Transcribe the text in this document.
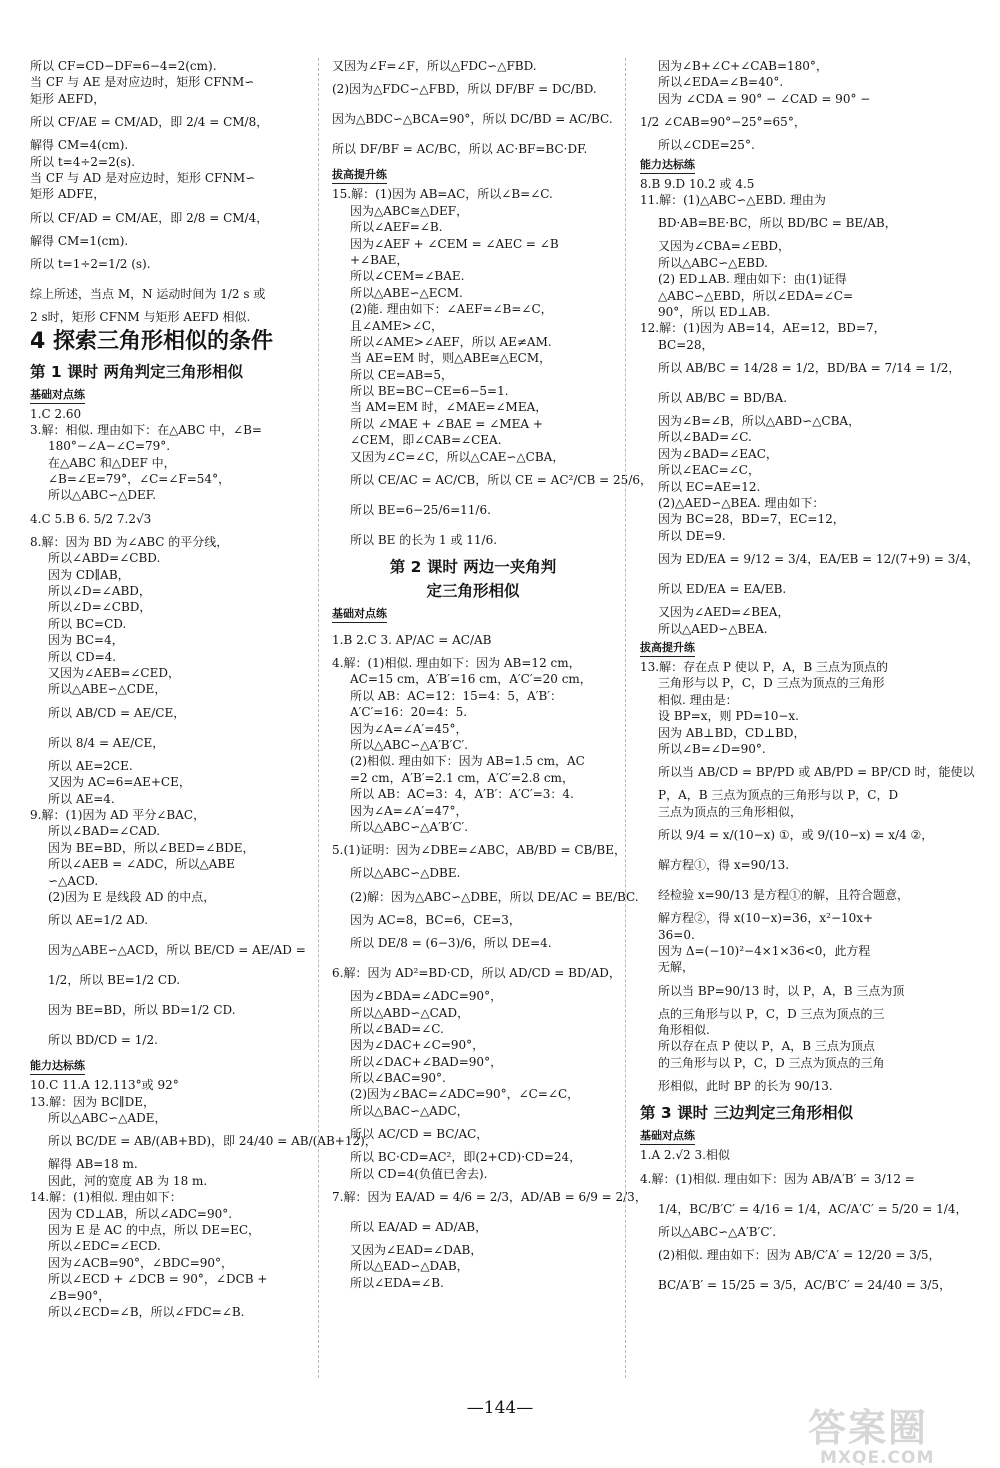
所以 CF=CD−DF=6−4=2(cm).
当 CF 与 AE 是对应边时，矩形 CFNM∽
矩形 AEFD，
所以 CF/AE = CM/AD，即 2/4 = CM/8，
解得 CM=4(cm).
所以 t=4÷2=2(s).
当 CF 与 AD 是对应边时，矩形 CFNM∽
矩形 ADFE，
所以 CF/AD = CM/AE，即 2/8 = CM/4，
解得 CM=1(cm).
所以 t=1÷2=1/2 (s).
综上所述，当点 M，N 运动时间为 1/2 s 或
2 s时，矩形 CFNM 与矩形 AEFD 相似.
4 探索三角形相似的条件
第 1 课时 两角判定三角形相似
基础对点练

1.C 2.60
3.解：相似. 理由如下：在△ABC 中，∠B=
180°−∠A−∠C=79°.
在△ABC 和△DEF 中，
∠B=∠E=79°，∠C=∠F=54°，
所以△ABC∽△DEF.
4.C 5.B 6. 5/2 7.2√3
8.解：因为 BD 为∠ABC 的平分线，
所以∠ABD=∠CBD.
因为 CD∥AB，
所以∠D=∠ABD，
所以∠D=∠CBD，
所以 BC=CD.
因为 BC=4，
所以 CD=4.
又因为∠AEB=∠CED，
所以△ABE∽△CDE，
所以 AB/CD = AE/CE，
所以 8/4 = AE/CE，
所以 AE=2CE.
又因为 AC=6=AE+CE，
所以 AE=4.
9.解：(1)因为 AD 平分∠BAC，
所以∠BAD=∠CAD.
因为 BE=BD，所以∠BED=∠BDE，
所以∠AEB = ∠ADC，所以△ABE
∽△ACD.
(2)因为 E 是线段 AD 的中点，
所以 AE=1/2 AD.
因为△ABE∽△ACD，所以 BE/CD = AE/AD =
1/2，所以 BE=1/2 CD.
因为 BE=BD，所以 BD=1/2 CD.
所以 BD/CD = 1/2.
能力达标练

10.C 11.A 12.113°或 92°
13.解：因为 BC∥DE，
所以△ABC∽△ADE，
所以 BC/DE = AB/(AB+BD)，即 24/40 = AB/(AB+12)，
解得 AB=18 m.
因此，河的宽度 AB 为 18 m.
14.解：(1)相似. 理由如下：
因为 CD⊥AB，所以∠ADC=90°.
因为 E 是 AC 的中点，所以 DE=EC，
所以∠EDC=∠ECD.
因为∠ACB=90°，∠BDC=90°，
所以∠ECD + ∠DCB = 90°，∠DCB +
∠B=90°，
所以∠ECD=∠B，所以∠FDC=∠B.
又因为∠F=∠F，所以△FDC∽△FBD.
(2)因为△FDC∽△FBD，所以 DF/BF = DC/BD.
因为△BDC∽△BCA=90°，所以 DC/BD = AC/BC.
所以 DF/BF = AC/BC，所以 AC·BF=BC·DF.
拔高提升练

15.解：(1)因为 AB=AC，所以∠B=∠C.
因为△ABC≅△DEF，
所以∠AEF=∠B.
因为∠AEF + ∠CEM = ∠AEC = ∠B
+∠BAE，
所以∠CEM=∠BAE.
所以△ABE∽△ECM.
(2)能. 理由如下：∠AEF=∠B=∠C，
且∠AME>∠C，
所以∠AME>∠AEF，所以 AE≠AM.
当 AE=EM 时，则△ABE≅△ECM，
所以 CE=AB=5，
所以 BE=BC−CE=6−5=1.
当 AM=EM 时，∠MAE=∠MEA，
所以 ∠MAE + ∠BAE = ∠MEA +
∠CEM，即∠CAB=∠CEA.
又因为∠C=∠C，所以△CAE∽△CBA，
所以 CE/AC = AC/CB，所以 CE = AC²/CB = 25/6，
所以 BE=6−25/6=11/6.
所以 BE 的长为 1 或 11/6.
第 2 课时 两边一夹角判
定三角形相似
基础对点练

1.B 2.C 3. AP/AC = AC/AB
4.解：(1)相似. 理由如下：因为 AB=12 cm，
AC=15 cm，A′B′=16 cm，A′C′=20 cm，
所以 AB：AC=12：15=4：5，A′B′：
A′C′=16：20=4：5.
因为∠A=∠A′=45°，
所以△ABC∽△A′B′C′.
(2)相似. 理由如下：因为 AB=1.5 cm，AC
=2 cm，A′B′=2.1 cm，A′C′=2.8 cm，
所以 AB：AC=3：4，A′B′：A′C′=3：4.
因为∠A=∠A′=47°，
所以△ABC∽△A′B′C′.
5.(1)证明：因为∠DBE=∠ABC，AB/BD = CB/BE，
所以△ABC∽△DBE.
(2)解：因为△ABC∽△DBE，所以 DE/AC = BE/BC.
因为 AC=8，BC=6，CE=3，
所以 DE/8 = (6−3)/6，所以 DE=4.
6.解：因为 AD²=BD·CD，所以 AD/CD = BD/AD，
因为∠BDA=∠ADC=90°，
所以△ABD∽△CAD，
所以∠BAD=∠C.
因为∠DAC+∠C=90°，
所以∠DAC+∠BAD=90°，
所以∠BAC=90°.
(2)因为∠BAC=∠ADC=90°，∠C=∠C，
所以△BAC∽△ADC，
所以 AC/CD = BC/AC，
所以 BC·CD=AC²，即(2+CD)·CD=24，
所以 CD=4(负值已舍去).
7.解：因为 EA/AD = 4/6 = 2/3，AD/AB = 6/9 = 2/3，
所以 EA/AD = AD/AB，
又因为∠EAD=∠DAB，
所以△EAD∽△DAB，
所以∠EDA=∠B.
因为∠B+∠C+∠CAB=180°，
所以∠EDA=∠B=40°.
因为 ∠CDA = 90° − ∠CAD = 90° −
1/2 ∠CAB=90°−25°=65°，
所以∠CDE=25°.
能力达标练

8.B 9.D 10.2 或 4.5
11.解：(1)△ABC∽△EBD. 理由为
BD·AB=BE·BC，所以 BD/BC = BE/AB，
又因为∠CBA=∠EBD，
所以△ABC∽△EBD.
(2) ED⊥AB. 理由如下：由(1)证得
△ABC∽△EBD，所以∠EDA=∠C=
90°，所以 ED⊥AB.
12.解：(1)因为 AB=14，AE=12，BD=7，
BC=28，
所以 AB/BC = 14/28 = 1/2，BD/BA = 7/14 = 1/2，
所以 AB/BC = BD/BA.
因为∠B=∠B，所以△ABD∽△CBA，
所以∠BAD=∠C.
因为∠BAD=∠EAC，
所以∠EAC=∠C，
所以 EC=AE=12.
(2)△AED∽△BEA. 理由如下：
因为 BC=28，BD=7，EC=12，
所以 DE=9.
因为 ED/EA = 9/12 = 3/4，EA/EB = 12/(7+9) = 3/4，
所以 ED/EA = EA/EB.
又因为∠AED=∠BEA，
所以△AED∽△BEA.
拔高提升练

13.解：存在点 P 使以 P，A，B 三点为顶点的
三角形与以 P，C，D 三点为顶点的三角形
相似. 理由是：
设 BP=x，则 PD=10−x.
因为 AB⊥BD，CD⊥BD，
所以∠B=∠D=90°.
所以当 AB/CD = BP/PD 或 AB/PD = BP/CD 时，能使以
P，A，B 三点为顶点的三角形与以 P，C，D
三点为顶点的三角形相似，
所以 9/4 = x/(10−x) ①，或 9/(10−x) = x/4 ②，
解方程①，得 x=90/13.
经检验 x=90/13 是方程①的解，且符合题意，
解方程②，得 x(10−x)=36，x²−10x+
36=0.
因为 Δ=(−10)²−4×1×36<0，此方程
无解，
所以当 BP=90/13 时，以 P，A，B 三点为顶
点的三角形与以 P，C，D 三点为顶点的三
角形相似.
所以存在点 P 使以 P，A，B 三点为顶点
的三角形与以 P，C，D 三点为顶点的三角
形相似，此时 BP 的长为 90/13.
第 3 课时 三边判定三角形相似
基础对点练

1.A 2.√2 3.相似
4.解：(1)相似. 理由如下：因为 AB/A′B′ = 3/12 =
1/4，BC/B′C′ = 4/16 = 1/4，AC/A′C′ = 5/20 = 1/4，
所以△ABC∽△A′B′C′.
(2)相似. 理由如下：因为 AB/C′A′ = 12/20 = 3/5，
BC/A′B′ = 15/25 = 3/5，AC/B′C′ = 24/40 = 3/5，
—144—	答案圈
MXQE.COM
